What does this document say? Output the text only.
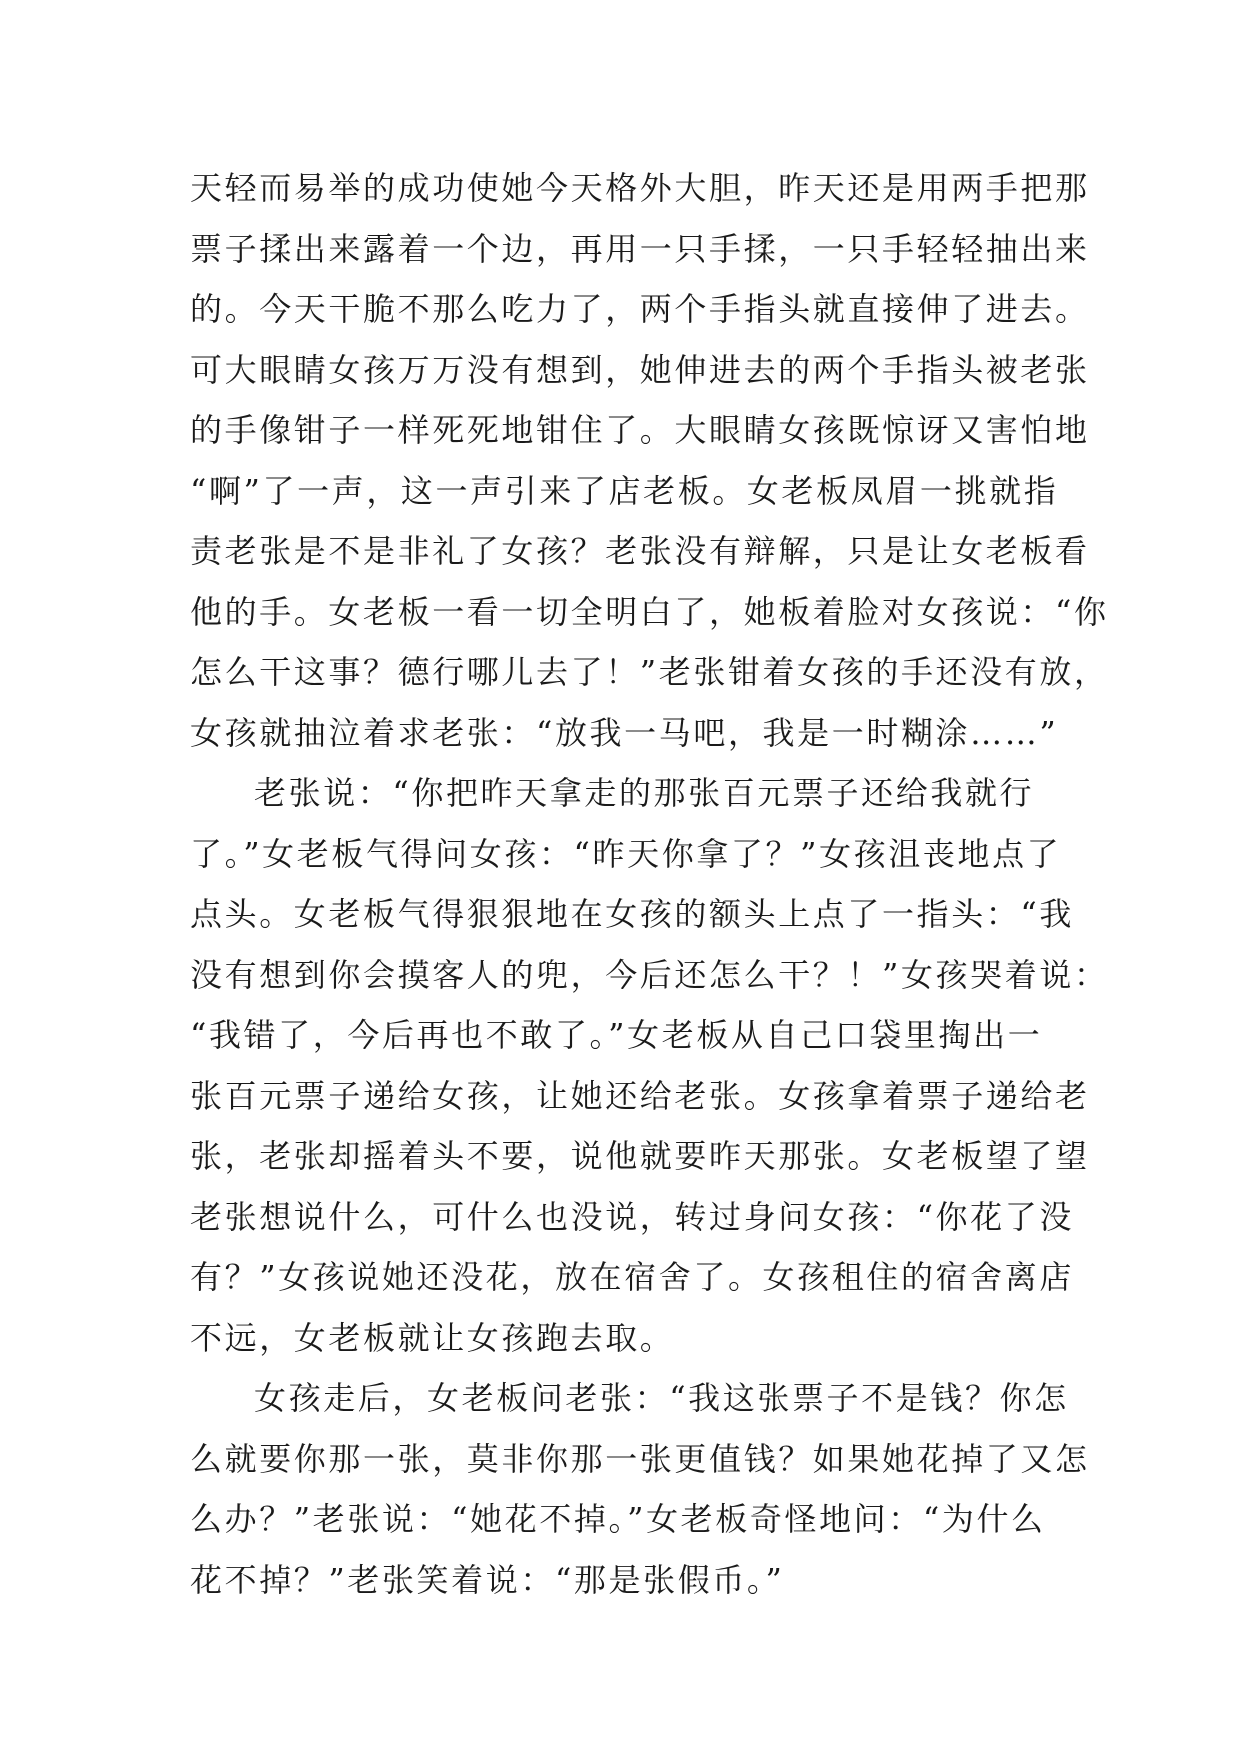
天轻而易举的成功使她今天格外大胆，昨天还是用两手把那
票子揉出来露着一个边，再用一只手揉，一只手轻轻抽出来
的。今天干脆不那么吃力了，两个手指头就直接伸了进去。
可大眼睛女孩万万没有想到，她伸进去的两个手指头被老张
的手像钳子一样死死地钳住了。大眼睛女孩既惊讶又害怕地
“啊”了一声，这一声引来了店老板。女老板凤眉一挑就指
责老张是不是非礼了女孩？老张没有辩解，只是让女老板看
他的手。女老板一看一切全明白了，她板着脸对女孩说：“你
怎么干这事？德行哪儿去了！”老张钳着女孩的手还没有放，
女孩就抽泣着求老张：“放我一马吧，我是一时糊涂……”
老张说：“你把昨天拿走的那张百元票子还给我就行
了。”女老板气得问女孩：“昨天你拿了？”女孩沮丧地点了
点头。女老板气得狠狠地在女孩的额头上点了一指头：“我
没有想到你会摸客人的兜，今后还怎么干？！”女孩哭着说：
“我错了，今后再也不敢了。”女老板从自己口袋里掏出一
张百元票子递给女孩，让她还给老张。女孩拿着票子递给老
张，老张却摇着头不要，说他就要昨天那张。女老板望了望
老张想说什么，可什么也没说，转过身问女孩：“你花了没
有？”女孩说她还没花，放在宿舍了。女孩租住的宿舍离店
不远，女老板就让女孩跑去取。
女孩走后，女老板问老张：“我这张票子不是钱？你怎
么就要你那一张，莫非你那一张更值钱？如果她花掉了又怎
么办？”老张说：“她花不掉。”女老板奇怪地问：“为什么
花不掉？”老张笑着说：“那是张假币。”
